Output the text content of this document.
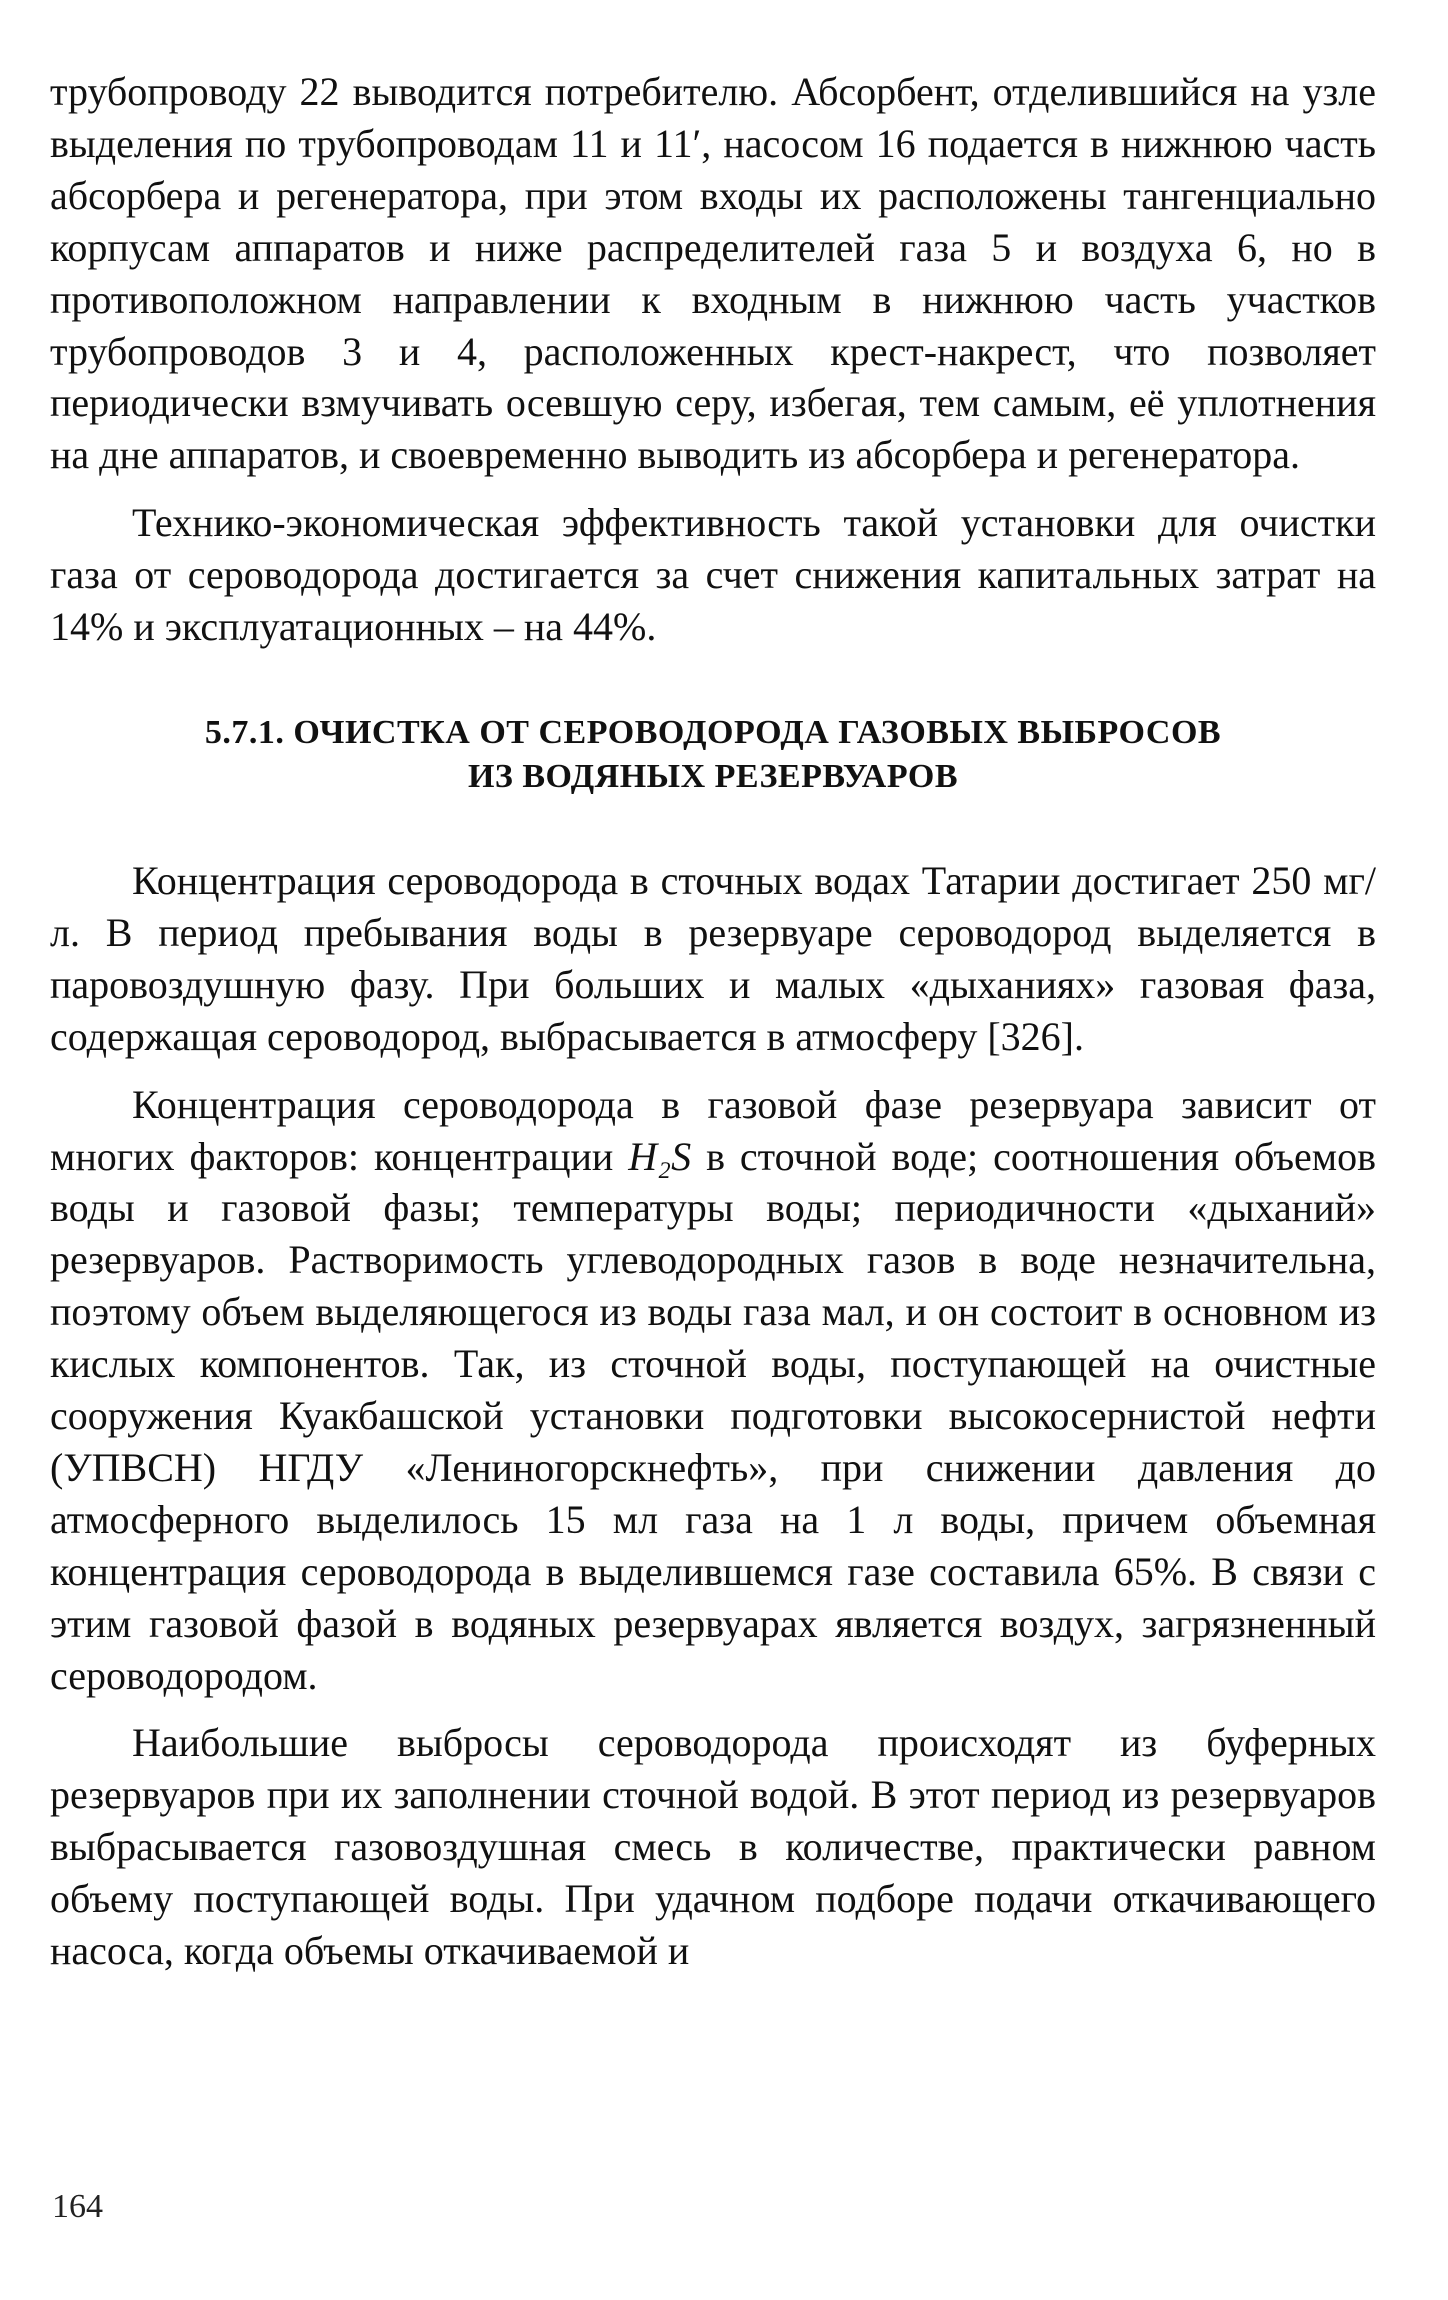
трубопроводу 22 выводится потребителю. Абсорбент, отделившийся на узле выделения по трубопроводам 11 и 11′, насосом 16 подается в нижнюю часть абсорбера и регенератора, при этом входы их расположены тангенциально корпусам аппаратов и ниже распределителей газа 5 и воздуха 6, но в противоположном направлении к входным в нижнюю часть участков трубопроводов 3 и 4, расположенных крест-накрест, что позволяет периодически взмучивать осевшую серу, избегая, тем самым, её уплотнения на дне аппаратов, и своевременно выводить из абсорбера и регенератора.

Технико-экономическая эффективность такой установки для очистки газа от сероводорода достигается за счет снижения капитальных затрат на 14% и эксплуатационных – на 44%.

5.7.1. ОЧИСТКА ОТ СЕРОВОДОРОДА ГАЗОВЫХ ВЫБРОСОВ
ИЗ ВОДЯНЫХ РЕЗЕРВУАРОВ

Концентрация сероводорода в сточных водах Татарии достигает 250 мг/л. В период пребывания воды в резервуаре сероводород выделяется в паровоздушную фазу. При больших и малых «дыханиях» газовая фаза, содержащая сероводород, выбрасывается в атмосферу [326].

Концентрация сероводорода в газовой фазе резервуара зависит от многих факторов: концентрации H₂S в сточной воде; соотношения объемов воды и газовой фазы; температуры воды; периодичности «дыханий» резервуаров. Растворимость углеводородных газов в воде незначительна, поэтому объем выделяющегося из воды газа мал, и он состоит в основном из кислых компонентов. Так, из сточной воды, поступающей на очистные сооружения Куакбашской установки подготовки высокосернистой нефти (УПВСН) НГДУ «Лениногорскнефть», при снижении давления до атмосферного выделилось 15 мл газа на 1 л воды, причем объемная концентрация сероводорода в выделившемся газе составила 65%. В связи с этим газовой фазой в водяных резервуарах является воздух, загрязненный сероводородом.

Наибольшие выбросы сероводорода происходят из буферных резервуаров при их заполнении сточной водой. В этот период из резервуаров выбрасывается газовоздушная смесь в количестве, практически равном объему поступающей воды. При удачном подборе подачи откачивающего насоса, когда объемы откачиваемой и

164
